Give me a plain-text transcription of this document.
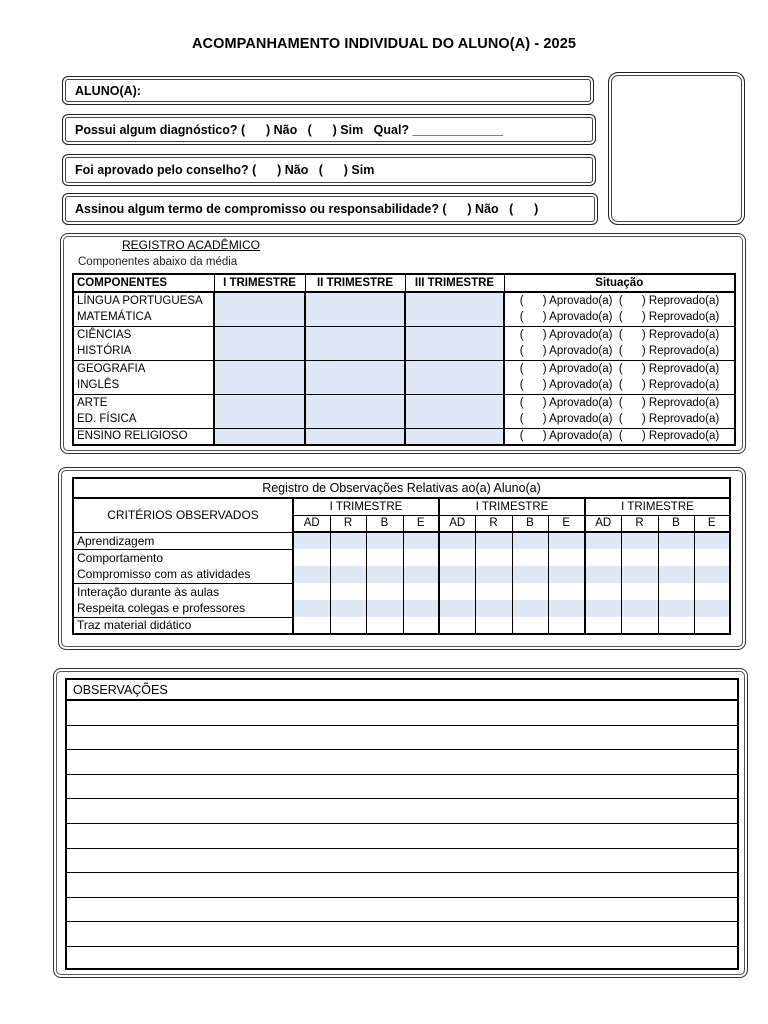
ACOMPANHAMENTO INDIVIDUAL DO ALUNO(A) - 2025
ALUNO(A):
Possui algum diagnóstico? (      ) Não   (      ) Sim   Qual? _____________
Foi aprovado pelo conselho? (      ) Não   (      ) Sim
Assinou algum termo de compromisso ou responsabilidade? (      ) Não   (      )
REGISTRO ACADÊMICO
Componentes abaixo da média
COMPONENTES	I TRIMESTRE	II TRIMESTRE	III TRIMESTRE	Situação
LÍNGUA PORTUGUESA				(      ) Aprovado(a)  (      ) Reprovado(a)
MATEMÁTICA				(      ) Aprovado(a)  (      ) Reprovado(a)
CIÊNCIAS				(      ) Aprovado(a)  (      ) Reprovado(a)
HISTÓRIA				(      ) Aprovado(a)  (      ) Reprovado(a)
GEOGRAFIA				(      ) Aprovado(a)  (      ) Reprovado(a)
INGLÊS				(      ) Aprovado(a)  (      ) Reprovado(a)
ARTE				(      ) Aprovado(a)  (      ) Reprovado(a)
ED. FÍSICA				(      ) Aprovado(a)  (      ) Reprovado(a)
ENSINO RELIGIOSO				(      ) Aprovado(a)  (      ) Reprovado(a)
Registro de Observações Relativas ao(a) Aluno(a)												
CRITÉRIOS OBSERVADOS	I TRIMESTRE				I TRIMESTRE				I TRIMESTRE			
	AD	R	B	E	AD	R	B	E	AD	R	B	E
Aprendizagem												
Comportamento												
Compromisso com as atividades												
Interação durante às aulas												
Respeita colegas e professores												
Traz material didático												
OBSERVAÇÕES
